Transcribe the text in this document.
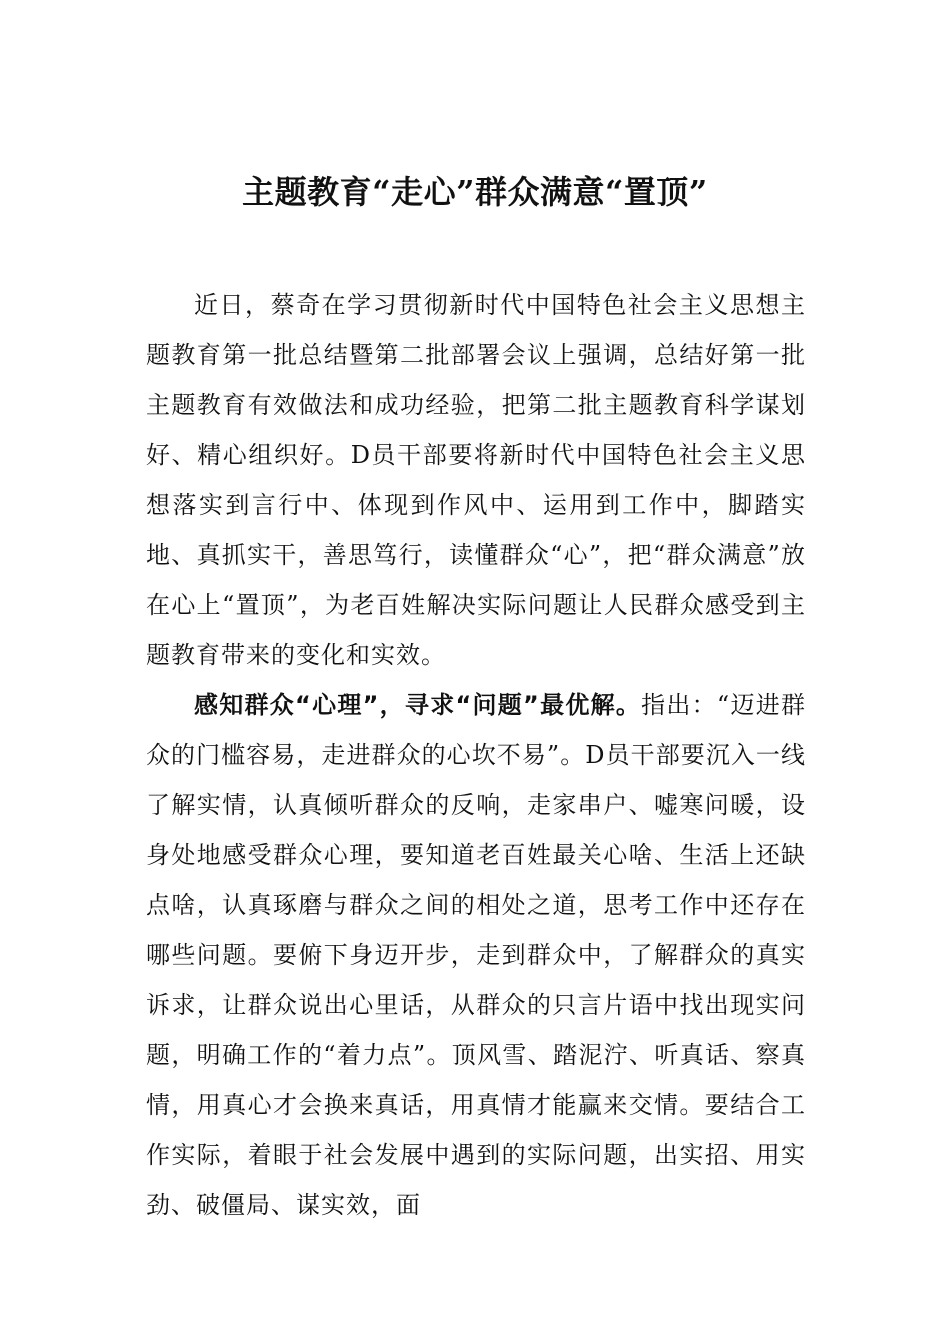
主题教育“走心”群众满意“置顶”

近日，蔡奇在学习贯彻新时代中国特色社会主义思想主题教育第一批总结暨第二批部署会议上强调，总结好第一批主题教育有效做法和成功经验，把第二批主题教育科学谋划好、精心组织好。D员干部要将新时代中国特色社会主义思想落实到言行中、体现到作风中、运用到工作中，脚踏实地、真抓实干，善思笃行，读懂群众“心”，把“群众满意”放在心上“置顶”，为老百姓解决实际问题让人民群众感受到主题教育带来的变化和实效。

感知群众“心理”，寻求“问题”最优解。指出：“迈进群众的门槛容易，走进群众的心坎不易”。D员干部要沉入一线了解实情，认真倾听群众的反响，走家串户、嘘寒问暖，设身处地感受群众心理，要知道老百姓最关心啥、生活上还缺点啥，认真琢磨与群众之间的相处之道，思考工作中还存在哪些问题。要俯下身迈开步，走到群众中，了解群众的真实诉求，让群众说出心里话，从群众的只言片语中找出现实问题，明确工作的“着力点”。顶风雪、踏泥泞、听真话、察真情，用真心才会换来真话，用真情才能赢来交情。要结合工作实际，着眼于社会发展中遇到的实际问题，出实招、用实劲、破僵局、谋实效，面
